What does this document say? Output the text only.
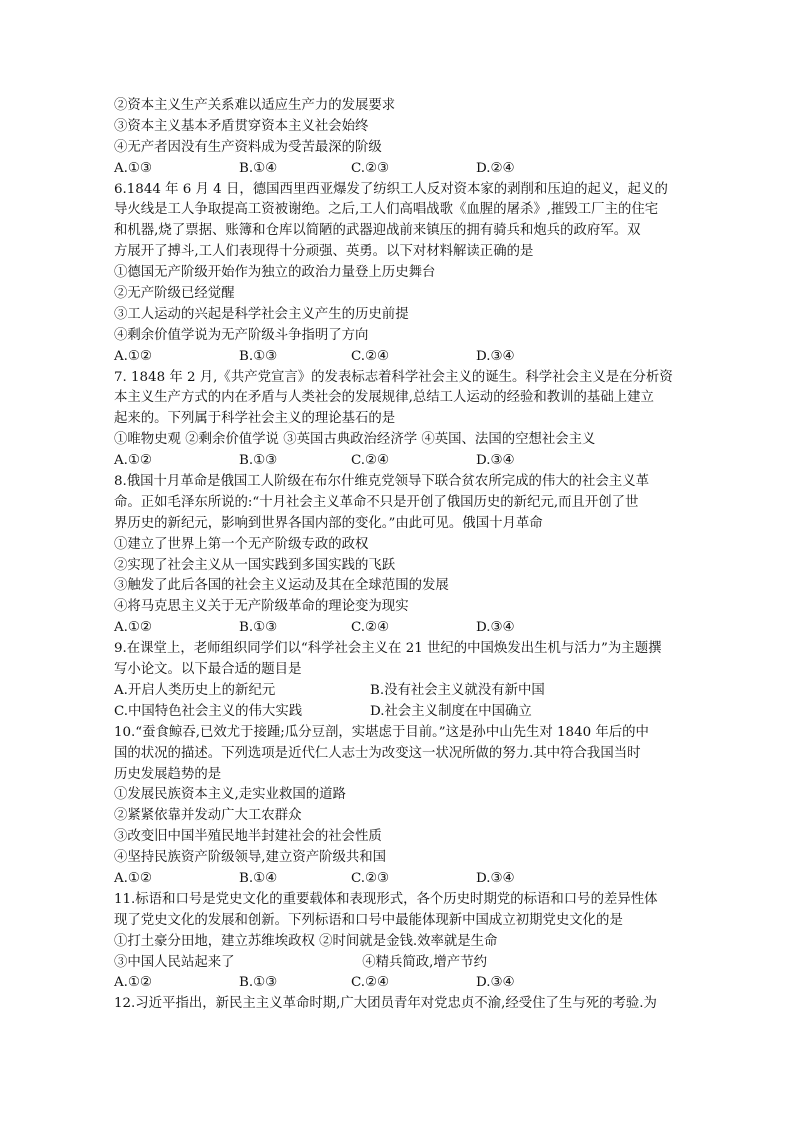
②资本主义生产关系难以适应生产力的发展要求
③资本主义基本矛盾贯穿资本主义社会始终
④无产者因没有生产资料成为受苦最深的阶级
A.①③	B.①④	C.②③	D.②④
6.1844 年 6 月 4 日，德国西里西亚爆发了纺织工人反对资本家的剥削和压迫的起义，起义的
导火线是工人争取提高工资被谢绝。之后,工人们高唱战歌《血腥的屠杀》,摧毁工厂主的住宅
和机器,烧了票据、账簿和仓库以简陋的武器迎战前来镇压的拥有骑兵和炮兵的政府军。双
方展开了搏斗,工人们表现得十分顽强、英勇。以下对材料解读正确的是
①德国无产阶级开始作为独立的政治力量登上历史舞台
②无产阶级已经觉醒
③工人运动的兴起是科学社会主义产生的历史前提
④剩余价值学说为无产阶级斗争指明了方向
A.①②	B.①③	C.②④	D.③④
7. 1848 年 2 月,《共产党宣言》的发表标志着科学社会主义的诞生。科学社会主义是在分析资
本主义生产方式的内在矛盾与人类社会的发展规律,总结工人运动的经验和教训的基础上建立
起来的。下列属于科学社会主义的理论基石的是
①唯物史观 ②剩余价值学说 ③英国古典政治经济学 ④英国、法国的空想社会主义
A.①②	B.①③	C.②④	D.③④
8.俄国十月革命是俄国工人阶级在布尔什维克党领导下联合贫农所完成的伟大的社会主义革
命。正如毛泽东所说的:“十月社会主义革命不只是开创了俄国历史的新纪元,而且开创了世
界历史的新纪元，影响到世界各国内部的变化。”由此可见。俄国十月革命
①建立了世界上第一个无产阶级专政的政权
②实现了社会主义从一国实践到多国实践的飞跃
③触发了此后各国的社会主义运动及其在全球范围的发展
④将马克思主义关于无产阶级革命的理论变为现实
A.①②	B.①③	C.②④	D.③④
9.在课堂上，老师组织同学们以“科学社会主义在 21 世纪的中国焕发出生机与活力”为主题撰
写小论文。以下最合适的题目是
A.开启人类历史上的新纪元	B.没有社会主义就没有新中国
C.中国特色社会主义的伟大实践	D.社会主义制度在中国确立
10.“蚕食鲸吞,已效尤于接踵;瓜分豆剖，实堪虑于目前。”这是孙中山先生对 1840 年后的中
国的状况的描述。下列选项是近代仁人志士为改变这一状况所做的努力.其中符合我国当时
历史发展趋势的是
①发展民族资本主义,走实业救国的道路
②紧紧依靠并发动广大工农群众
③改变旧中国半殖民地半封建社会的社会性质
④坚持民族资产阶级领导,建立资产阶级共和国
A.①②	B.①④	C.②③	D.③④
11.标语和口号是党史文化的重要载体和表现形式，各个历史时期党的标语和口号的差异性体
现了党史文化的发展和创新。下列标语和口号中最能体现新中国成立初期党史文化的是
①打土豪分田地，建立苏维埃政权 ②时间就是金钱.效率就是生命
③中国人民站起来了                              ④精兵简政,增产节约
A.①②	B.①③	C.②④	D.③④
12.习近平指出，新民主主义革命时期,广大团员青年对党忠贞不渝,经受住了生与死的考验.为
